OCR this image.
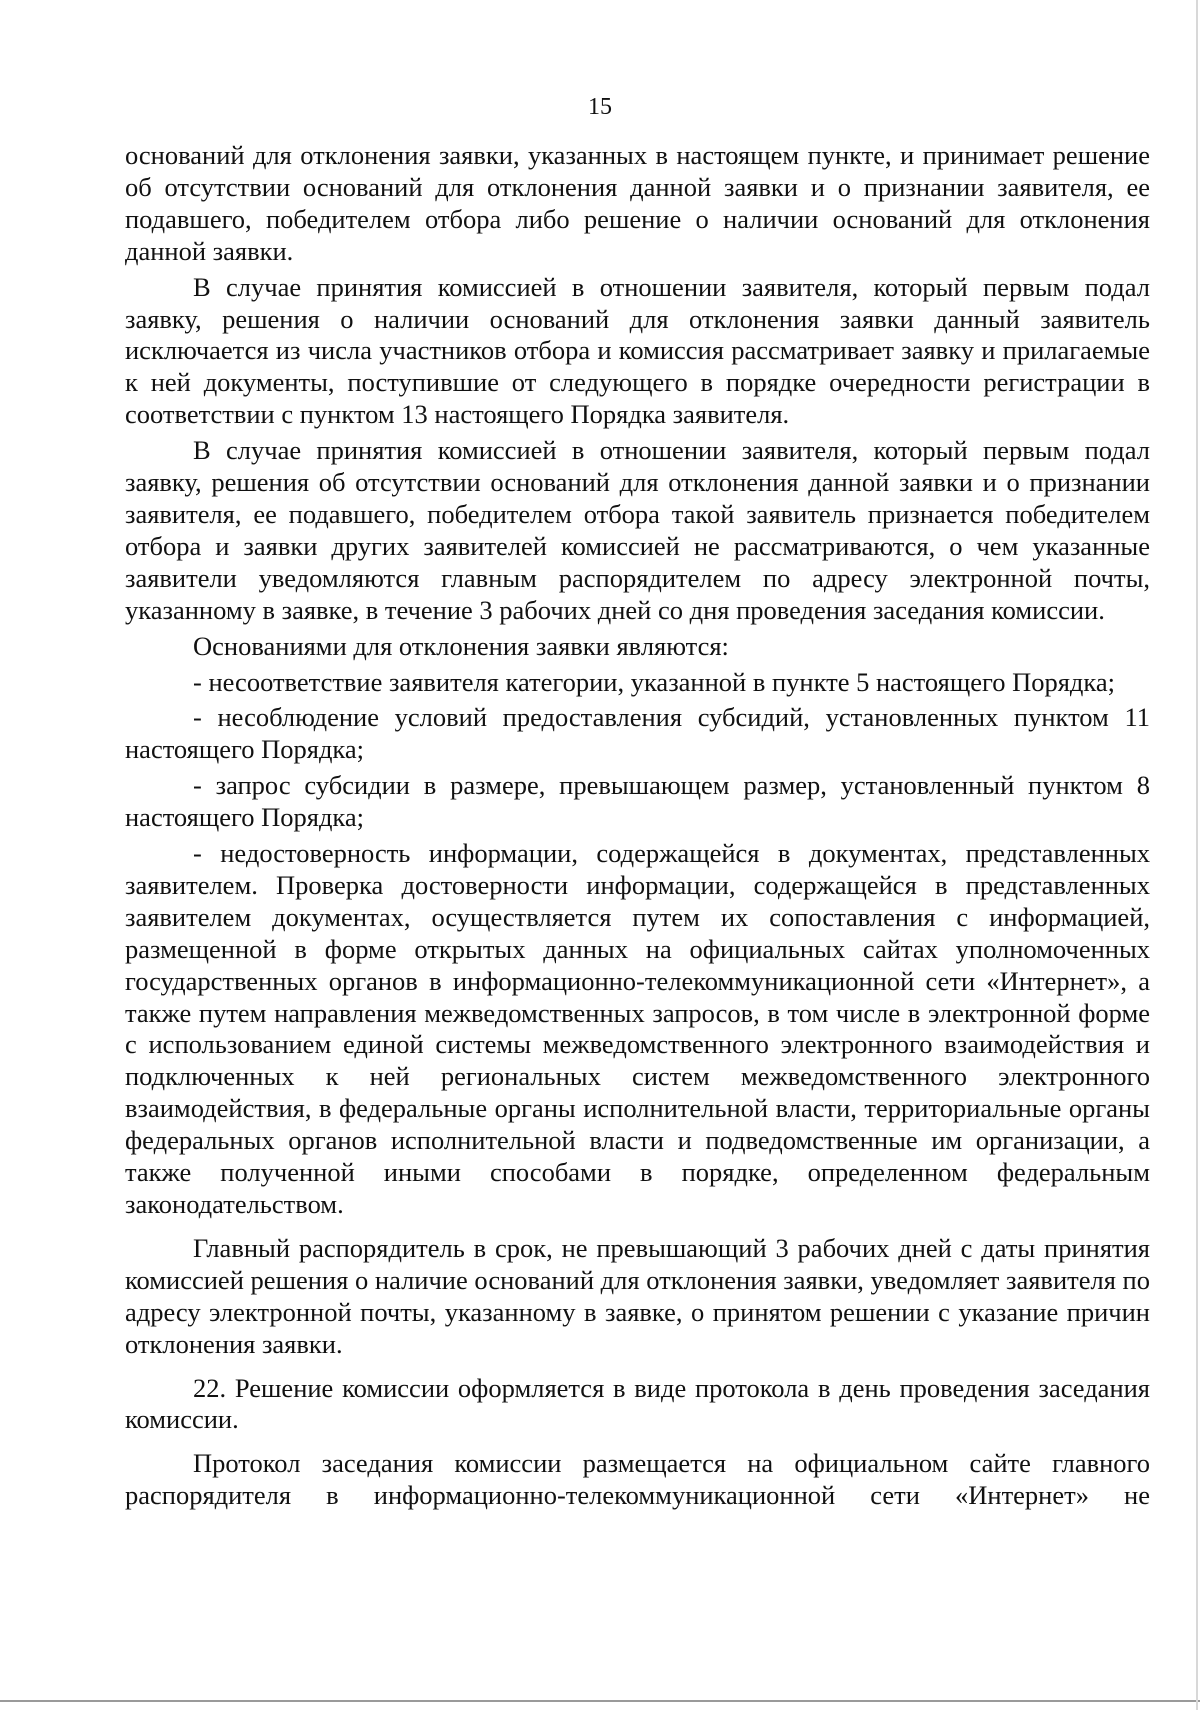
15

оснований для отклонения заявки, указанных в настоящем пункте, и принимает решение об отсутствии оснований для отклонения данной заявки и о признании заявителя, ее подавшего, победителем отбора либо решение о наличии оснований для отклонения данной заявки.

В случае принятия комиссией в отношении заявителя, который первым подал заявку, решения о наличии оснований для отклонения заявки данный заявитель исключается из числа участников отбора и комиссия рассматривает заявку и прилагаемые к ней документы, поступившие от следующего в порядке очередности регистрации в соответствии с пунктом 13 настоящего Порядка заявителя.

В случае принятия комиссией в отношении заявителя, который первым подал заявку, решения об отсутствии оснований для отклонения данной заявки и о признании заявителя, ее подавшего, победителем отбора такой заявитель признается победителем отбора и заявки других заявителей комиссией не рассматриваются, о чем указанные заявители уведомляются главным распорядителем по адресу электронной почты, указанному в заявке, в течение 3 рабочих дней со дня проведения заседания комиссии.

Основаниями для отклонения заявки являются:

- несоответствие заявителя категории, указанной в пункте 5 настоящего Порядка;

- несоблюдение условий предоставления субсидий, установленных пунктом 11 настоящего Порядка;

- запрос субсидии в размере, превышающем размер, установленный пунктом 8 настоящего Порядка;

- недостоверность информации, содержащейся в документах, представленных заявителем. Проверка достоверности информации, содержащейся в представленных заявителем документах, осуществляется путем их сопоставления с информацией, размещенной в форме открытых данных на официальных сайтах уполномоченных государственных органов в информационно-телекоммуникационной сети «Интернет», а также путем направления межведомственных запросов, в том числе в электронной форме с использованием единой системы межведомственного электронного взаимодействия и подключенных к ней региональных систем межведомственного электронного взаимодействия, в федеральные органы исполнительной власти, территориальные органы федеральных органов исполнительной власти и подведомственные им организации, а также полученной иными способами в порядке, определенном федеральным законодательством.

Главный распорядитель в срок, не превышающий 3 рабочих дней с даты принятия комиссией решения о наличие оснований для отклонения заявки, уведомляет заявителя по адресу электронной почты, указанному в заявке, о принятом решении с указание причин отклонения заявки.

22. Решение комиссии оформляется в виде протокола в день проведения заседания комиссии.

Протокол заседания комиссии размещается на официальном сайте главного распорядителя в информационно-телекоммуникационной сети «Интернет» не
